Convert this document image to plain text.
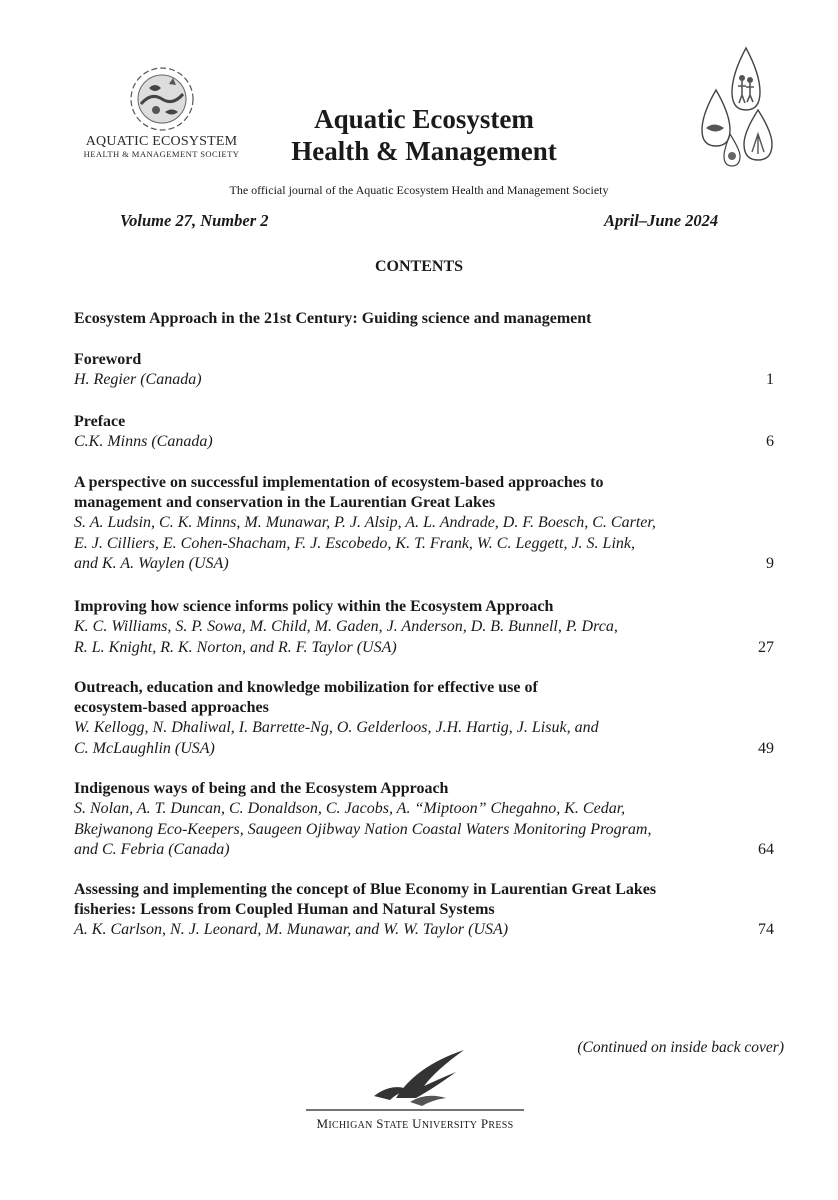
AQUATIC ECOSYSTEM
HEALTH & MANAGEMENT SOCIETY
Aquatic Ecosystem
Health & Management
The official journal of the Aquatic Ecosystem Health and Management Society
Volume 27, Number 2	April–June 2024
CONTENTS
Ecosystem Approach in the 21st Century: Guiding science and management
Foreword
H. Regier (Canada)	1
Preface
C.K. Minns (Canada)	6
A perspective on successful implementation of ecosystem-based approaches to
management and conservation in the Laurentian Great Lakes
S. A. Ludsin, C. K. Minns, M. Munawar, P. J. Alsip, A. L. Andrade, D. F. Boesch, C. Carter,
E. J. Cilliers, E. Cohen-Shacham, F. J. Escobedo, K. T. Frank, W. C. Leggett, J. S. Link,
and K. A. Waylen (USA)	9
Improving how science informs policy within the Ecosystem Approach
K. C. Williams, S. P. Sowa, M. Child, M. Gaden, J. Anderson, D. B. Bunnell, P. Drca,
R. L. Knight, R. K. Norton, and R. F. Taylor (USA)	27
Outreach, education and knowledge mobilization for effective use of
ecosystem-based approaches
W. Kellogg, N. Dhaliwal, I. Barrette-Ng, O. Gelderloos, J.H. Hartig, J. Lisuk, and
C. McLaughlin (USA)	49
Indigenous ways of being and the Ecosystem Approach
S. Nolan, A. T. Duncan, C. Donaldson, C. Jacobs, A. “Miptoon” Chegahno, K. Cedar,
Bkejwanong Eco-Keepers, Saugeen Ojibway Nation Coastal Waters Monitoring Program,
and C. Febria (Canada)	64
Assessing and implementing the concept of Blue Economy in Laurentian Great Lakes
fisheries: Lessons from Coupled Human and Natural Systems
A. K. Carlson, N. J. Leonard, M. Munawar, and W. W. Taylor (USA)	74
(Continued on inside back cover)
MICHIGAN STATE UNIVERSITY PRESS
